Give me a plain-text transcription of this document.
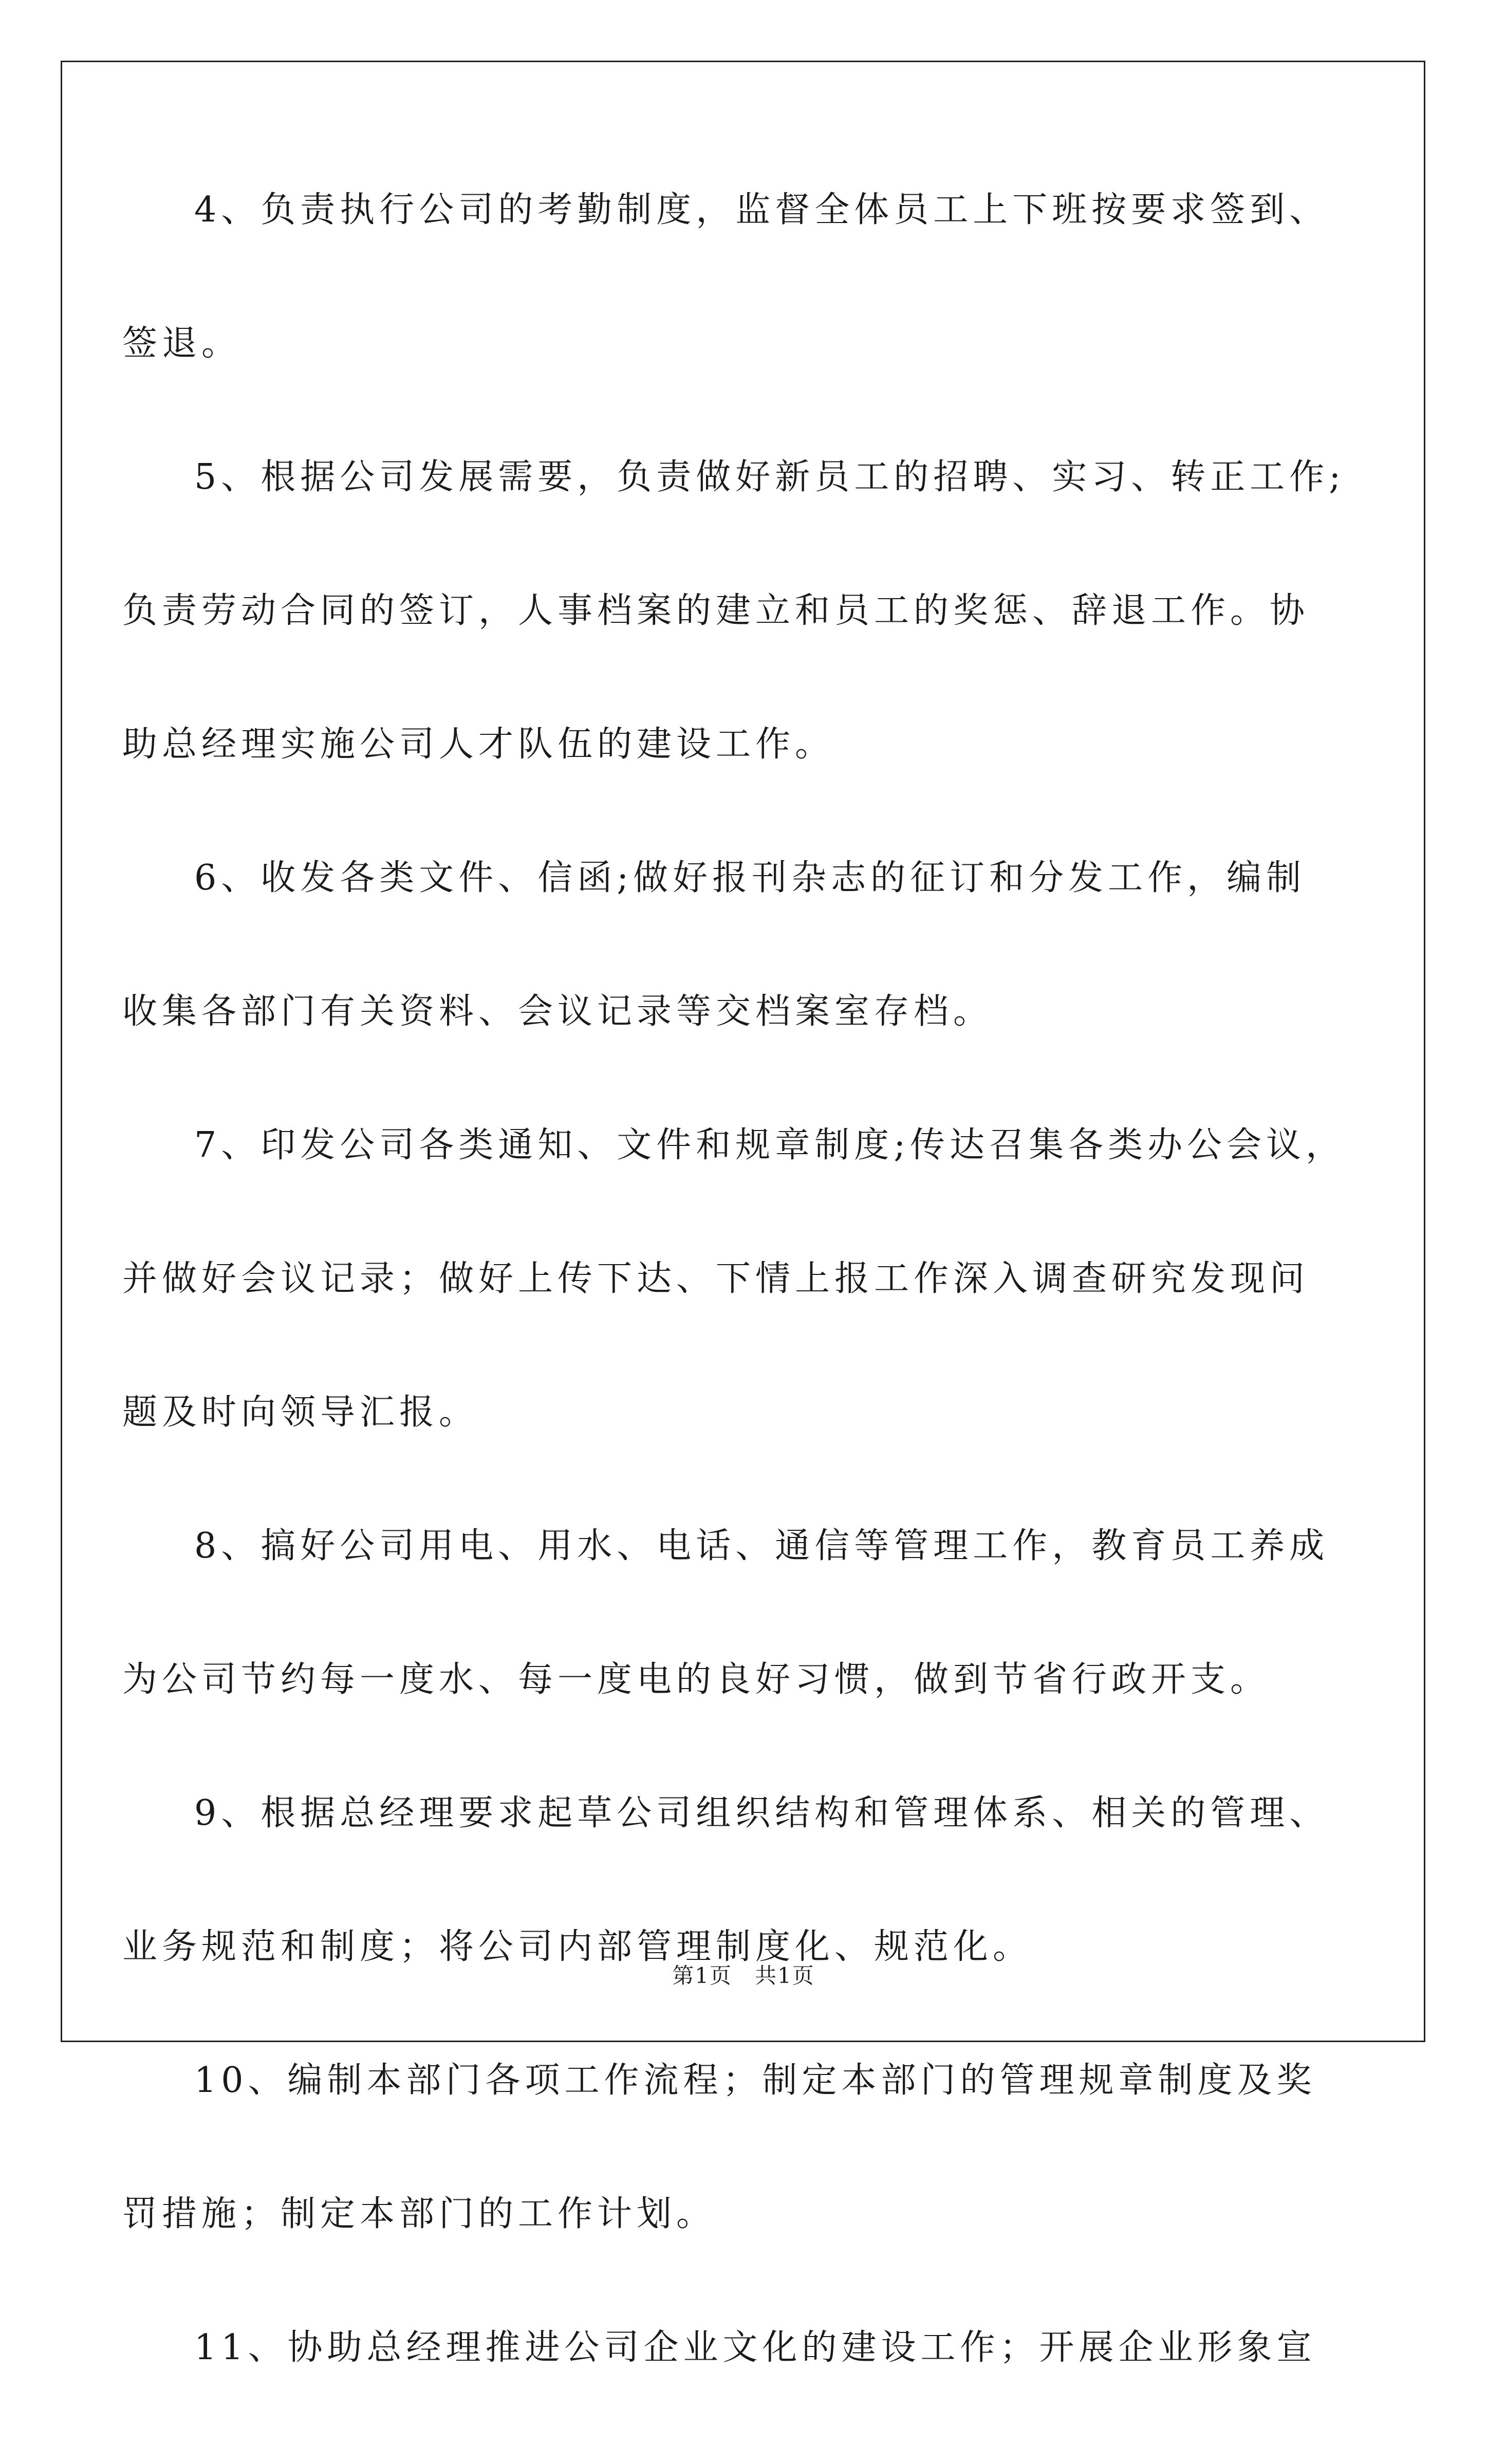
4、负责执行公司的考勤制度，监督全体员工上下班按要求签到、
签退。
5、根据公司发展需要，负责做好新员工的招聘、实习、转正工作;
负责劳动合同的签订，人事档案的建立和员工的奖惩、辞退工作。协
助总经理实施公司人才队伍的建设工作。
6、收发各类文件、信函;做好报刊杂志的征订和分发工作，编制
收集各部门有关资料、会议记录等交档案室存档。
7、印发公司各类通知、文件和规章制度;传达召集各类办公会议，
并做好会议记录；做好上传下达、下情上报工作深入调查研究发现问
题及时向领导汇报。
8、搞好公司用电、用水、电话、通信等管理工作，教育员工养成
为公司节约每一度水、每一度电的良好习惯，做到节省行政开支。
9、根据总经理要求起草公司组织结构和管理体系、相关的管理、
业务规范和制度；将公司内部管理制度化、规范化。
10、编制本部门各项工作流程；制定本部门的管理规章制度及奖
罚措施；制定本部门的工作计划。
11、协助总经理推进公司企业文化的建设工作；开展企业形象宣
第1页　共1页
